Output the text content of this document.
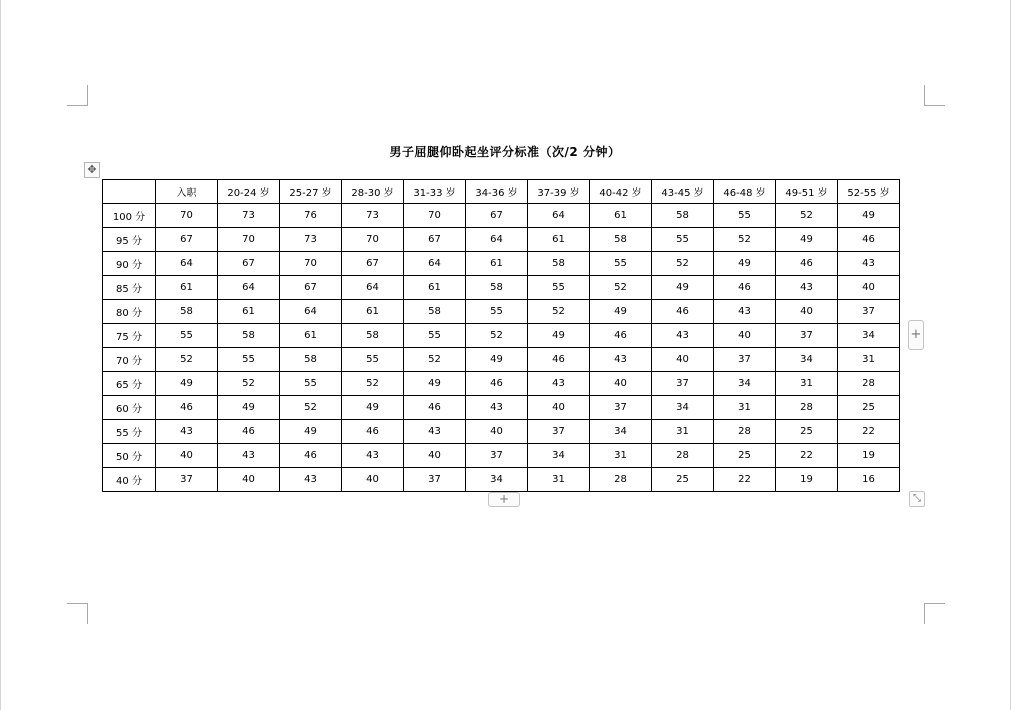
男子屈腿仰卧起坐评分标准（次/2 分钟）
✥
	入职	20-24 岁	25-27 岁	28-30 岁	31-33 岁	34-36 岁	37-39 岁	40-42 岁	43-45 岁	46-48 岁	49-51 岁	52-55 岁
100 分	70	73	76	73	70	67	64	61	58	55	52	49
95 分	67	70	73	70	67	64	61	58	55	52	49	46
90 分	64	67	70	67	64	61	58	55	52	49	46	43
85 分	61	64	67	64	61	58	55	52	49	46	43	40
80 分	58	61	64	61	58	55	52	49	46	43	40	37
75 分	55	58	61	58	55	52	49	46	43	40	37	34
70 分	52	55	58	55	52	49	46	43	40	37	34	31
65 分	49	52	55	52	49	46	43	40	37	34	31	28
60 分	46	49	52	49	46	43	40	37	34	31	28	25
55 分	43	46	49	46	43	40	37	34	31	28	25	22
50 分	40	43	46	43	40	37	34	31	28	25	22	19
40 分	37	40	43	40	37	34	31	28	25	22	19	16
+
+	⤡
